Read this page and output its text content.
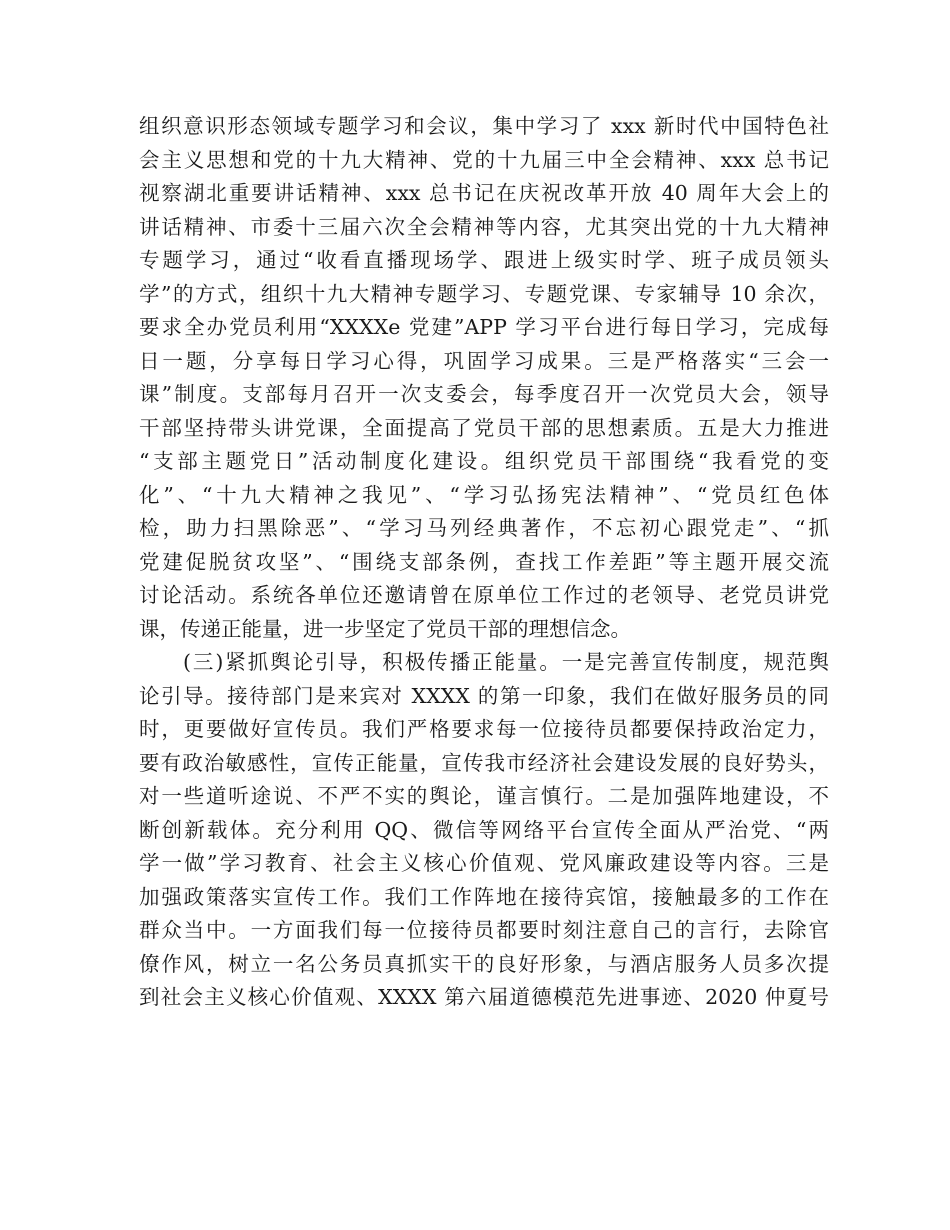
组织意识形态领域专题学习和会议，集中学习了 xxx 新时代中国特色社
会主义思想和党的十九大精神、党的十九届三中全会精神、xxx 总书记
视察湖北重要讲话精神、xxx 总书记在庆祝改革开放 40 周年大会上的
讲话精神、市委十三届六次全会精神等内容，尤其突出党的十九大精神
专题学习，通过“收看直播现场学、跟进上级实时学、班子成员领头
学”的方式，组织十九大精神专题学习、专题党课、专家辅导 10 余次，
要求全办党员利用“XXXXe 党建”APP 学习平台进行每日学习，完成每
日一题，分享每日学习心得，巩固学习成果。三是严格落实“三会一
课”制度。支部每月召开一次支委会，每季度召开一次党员大会，领导
干部坚持带头讲党课，全面提高了党员干部的思想素质。五是大力推进
“支部主题党日”活动制度化建设。组织党员干部围绕“我看党的变
化”、“十九大精神之我见”、“学习弘扬宪法精神”、“党员红色体
检，助力扫黑除恶”、“学习马列经典著作，不忘初心跟党走”、“抓
党建促脱贫攻坚”、“围绕支部条例，查找工作差距”等主题开展交流
讨论活动。系统各单位还邀请曾在原单位工作过的老领导、老党员讲党
课，传递正能量，进一步坚定了党员干部的理想信念。
(三)紧抓舆论引导，积极传播正能量。一是完善宣传制度，规范舆
论引导。接待部门是来宾对 XXXX 的第一印象，我们在做好服务员的同
时，更要做好宣传员。我们严格要求每一位接待员都要保持政治定力，
要有政治敏感性，宣传正能量，宣传我市经济社会建设发展的良好势头，
对一些道听途说、不严不实的舆论，谨言慎行。二是加强阵地建设，不
断创新载体。充分利用 QQ、微信等网络平台宣传全面从严治党、“两
学一做”学习教育、社会主义核心价值观、党风廉政建设等内容。三是
加强政策落实宣传工作。我们工作阵地在接待宾馆，接触最多的工作在
群众当中。一方面我们每一位接待员都要时刻注意自己的言行，去除官
僚作风，树立一名公务员真抓实干的良好形象，与酒店服务人员多次提
到社会主义核心价值观、XXXX 第六届道德模范先进事迹、2020 仲夏号
